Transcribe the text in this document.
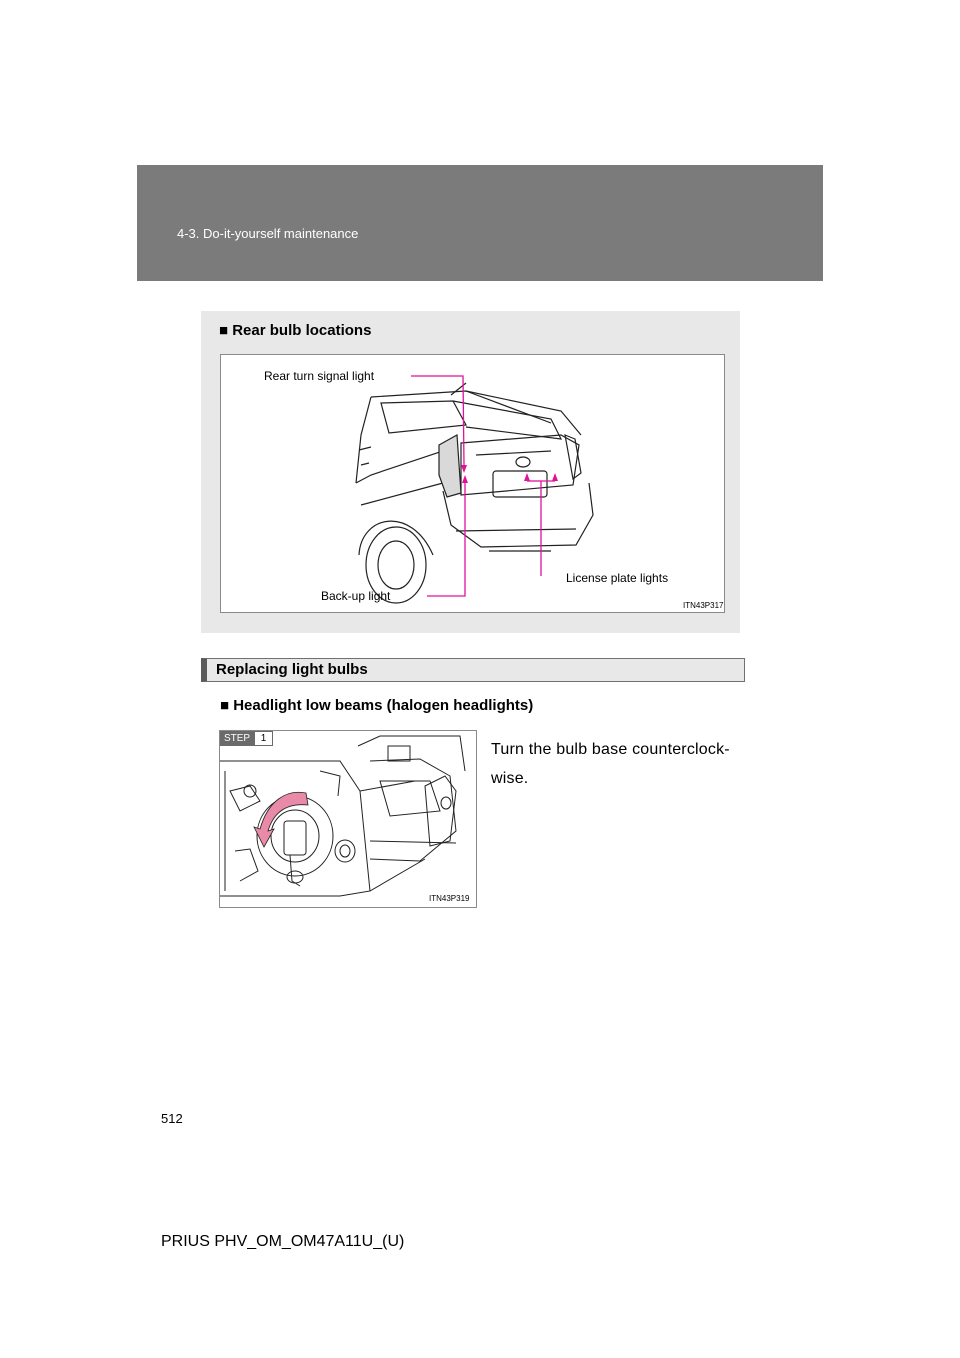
4-3. Do-it-yourself maintenance
■ Rear bulb locations
Rear turn signal light
License plate lights
Back-up light
ITN43P317
Replacing light bulbs
■ Headlight low beams (halogen headlights)
STEP	1
ITN43P319
Turn the bulb base counterclock-
wise.
512
PRIUS PHV_OM_OM47A11U_(U)
